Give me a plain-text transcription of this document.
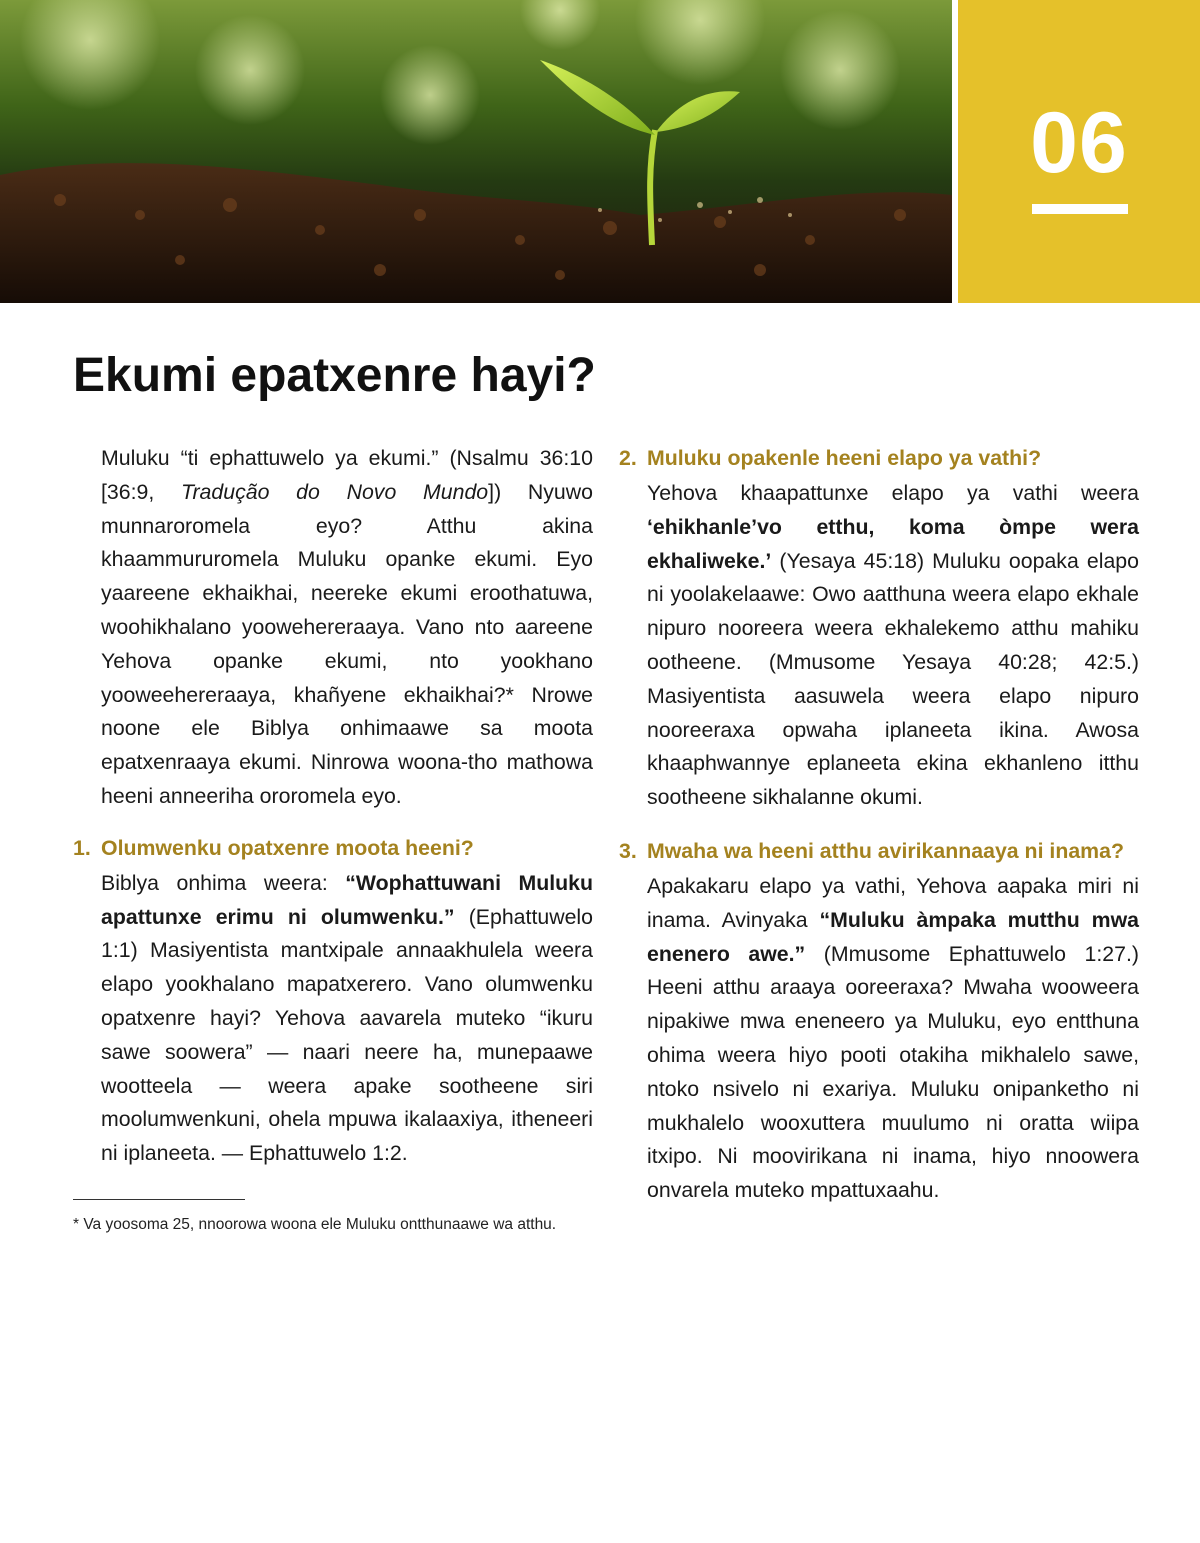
06
Ekumi epatxenre hayi?

Muluku “ti ephattuwelo ya ekumi.” (Nsalmu 36:10 [36:9, Tradução do Novo Mundo]) Nyuwo munnaroromela eyo? Atthu akina khaammururomela Muluku opanke ekumi. Eyo yaareene ekhaikhai, neereke ekumi eroothatuwa, woohikhalano yoowehereraaya. Vano nto aareene Yehova opanke ekumi, nto yookhano yooweehereraaya, khañyene ekhaikhai?* Nrowe noone ele Biblya onhimaawe sa moota epatxenraaya ekumi. Ninrowa woona-tho mathowa heeni anneeriha ororomela eyo.

1. Olumwenku opatxenre moota heeni?

Biblya onhima weera: “Wophattuwani Muluku apattunxe erimu ni olumwenku.” (Ephattuwelo 1:1) Masiyentista mantxipale annaakhulela weera elapo yookhalano mapatxerero. Vano olumwenku opatxenre hayi? Yehova aavarela muteko “ikuru sawe soowera” — naari neere ha, munepaawe wootteela — weera apake sootheene siri moolumwenkuni, ohela mpuwa ikalaaxiya, itheneeri ni iplaneeta. — Ephattuwelo 1:2.

* Va yoosoma 25, nnoorowa woona ele Muluku ontthunaawe wa atthu.

2. Muluku opakenle heeni elapo ya vathi?

Yehova khaapattunxe elapo ya vathi weera ‘ehikhanle’vo etthu, koma òmpe wera ekhaliweke.’ (Yesaya 45:18) Muluku oopaka elapo ni yoolakelaawe: Owo aatthuna weera elapo ekhale nipuro nooreera weera ekhalekemo atthu mahiku ootheene. (Mmusome Yesaya 40:28; 42:5.) Masiyentista aasuwela weera elapo nipuro nooreeraxa opwaha iplaneeta ikina. Awosa khaaphwannye eplaneeta ekina ekhanleno itthu sootheene sikhalanne okumi.

3. Mwaha wa heeni atthu avirikannaaya ni inama?

Apakakaru elapo ya vathi, Yehova aapaka miri ni inama. Avinyaka “Muluku àmpaka mutthu mwa enenero awe.” (Mmusome Ephattuwelo 1:27.) Heeni atthu araaya ooreeraxa? Mwaha wooweera nipakiwe mwa eneneero ya Muluku, eyo entthuna ohima weera hiyo pooti otakiha mikhalelo sawe, ntoko nsivelo ni exariya. Muluku onipanketho ni mukhalelo wooxuttera muulumo ni oratta wiipa itxipo. Ni moovirikana ni inama, hiyo nnoowera onvarela muteko mpattuxaahu.
